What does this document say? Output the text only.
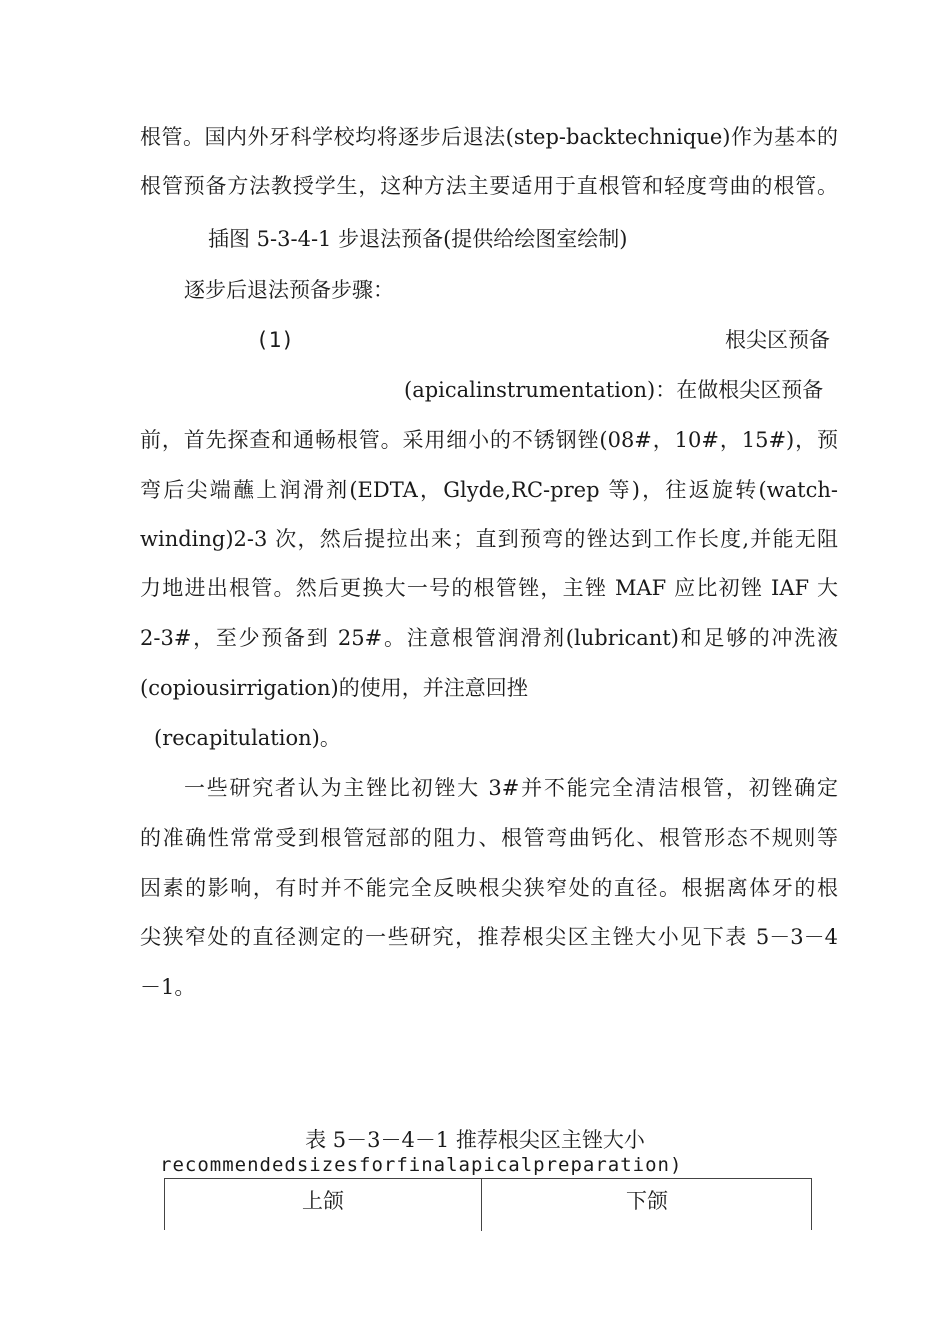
根管。国内外牙科学校均将逐步后退法(step-backtechnique)作为基本的
根管预备方法教授学生，这种方法主要适用于直根管和轻度弯曲的根管。
插图 5-3-4-1 步退法预备(提供给绘图室绘制)
逐步后退法预备步骤：
(1)	根尖区预备
(apicalinstrumentation)：在做根尖区预备
前，首先探查和通畅根管。采用细小的不锈钢锉(08#，10#，15#)，预
弯后尖端蘸上润滑剂(EDTA，Glyde,RC-prep 等)，往返旋转(watch-
winding)2-3 次，然后提拉出来；直到预弯的锉达到工作长度,并能无阻
力地进出根管。然后更换大一号的根管锉，主锉 MAF 应比初锉 IAF 大
2-3#，至少预备到 25#。注意根管润滑剂(lubricant)和足够的冲洗液
(copiousirrigation)的使用，并注意回挫
(recapitulation)。
一些研究者认为主锉比初锉大 3#并不能完全清洁根管，初锉确定
的准确性常常受到根管冠部的阻力、根管弯曲钙化、根管形态不规则等
因素的影响，有时并不能完全反映根尖狭窄处的直径。根据离体牙的根
尖狭窄处的直径测定的一些研究，推荐根尖区主锉大小见下表 5－3－4
－1。
表 5－3－4－1 推荐根尖区主锉大小
recommendedsizesforfinalapicalpreparation)
上颌	下颌
